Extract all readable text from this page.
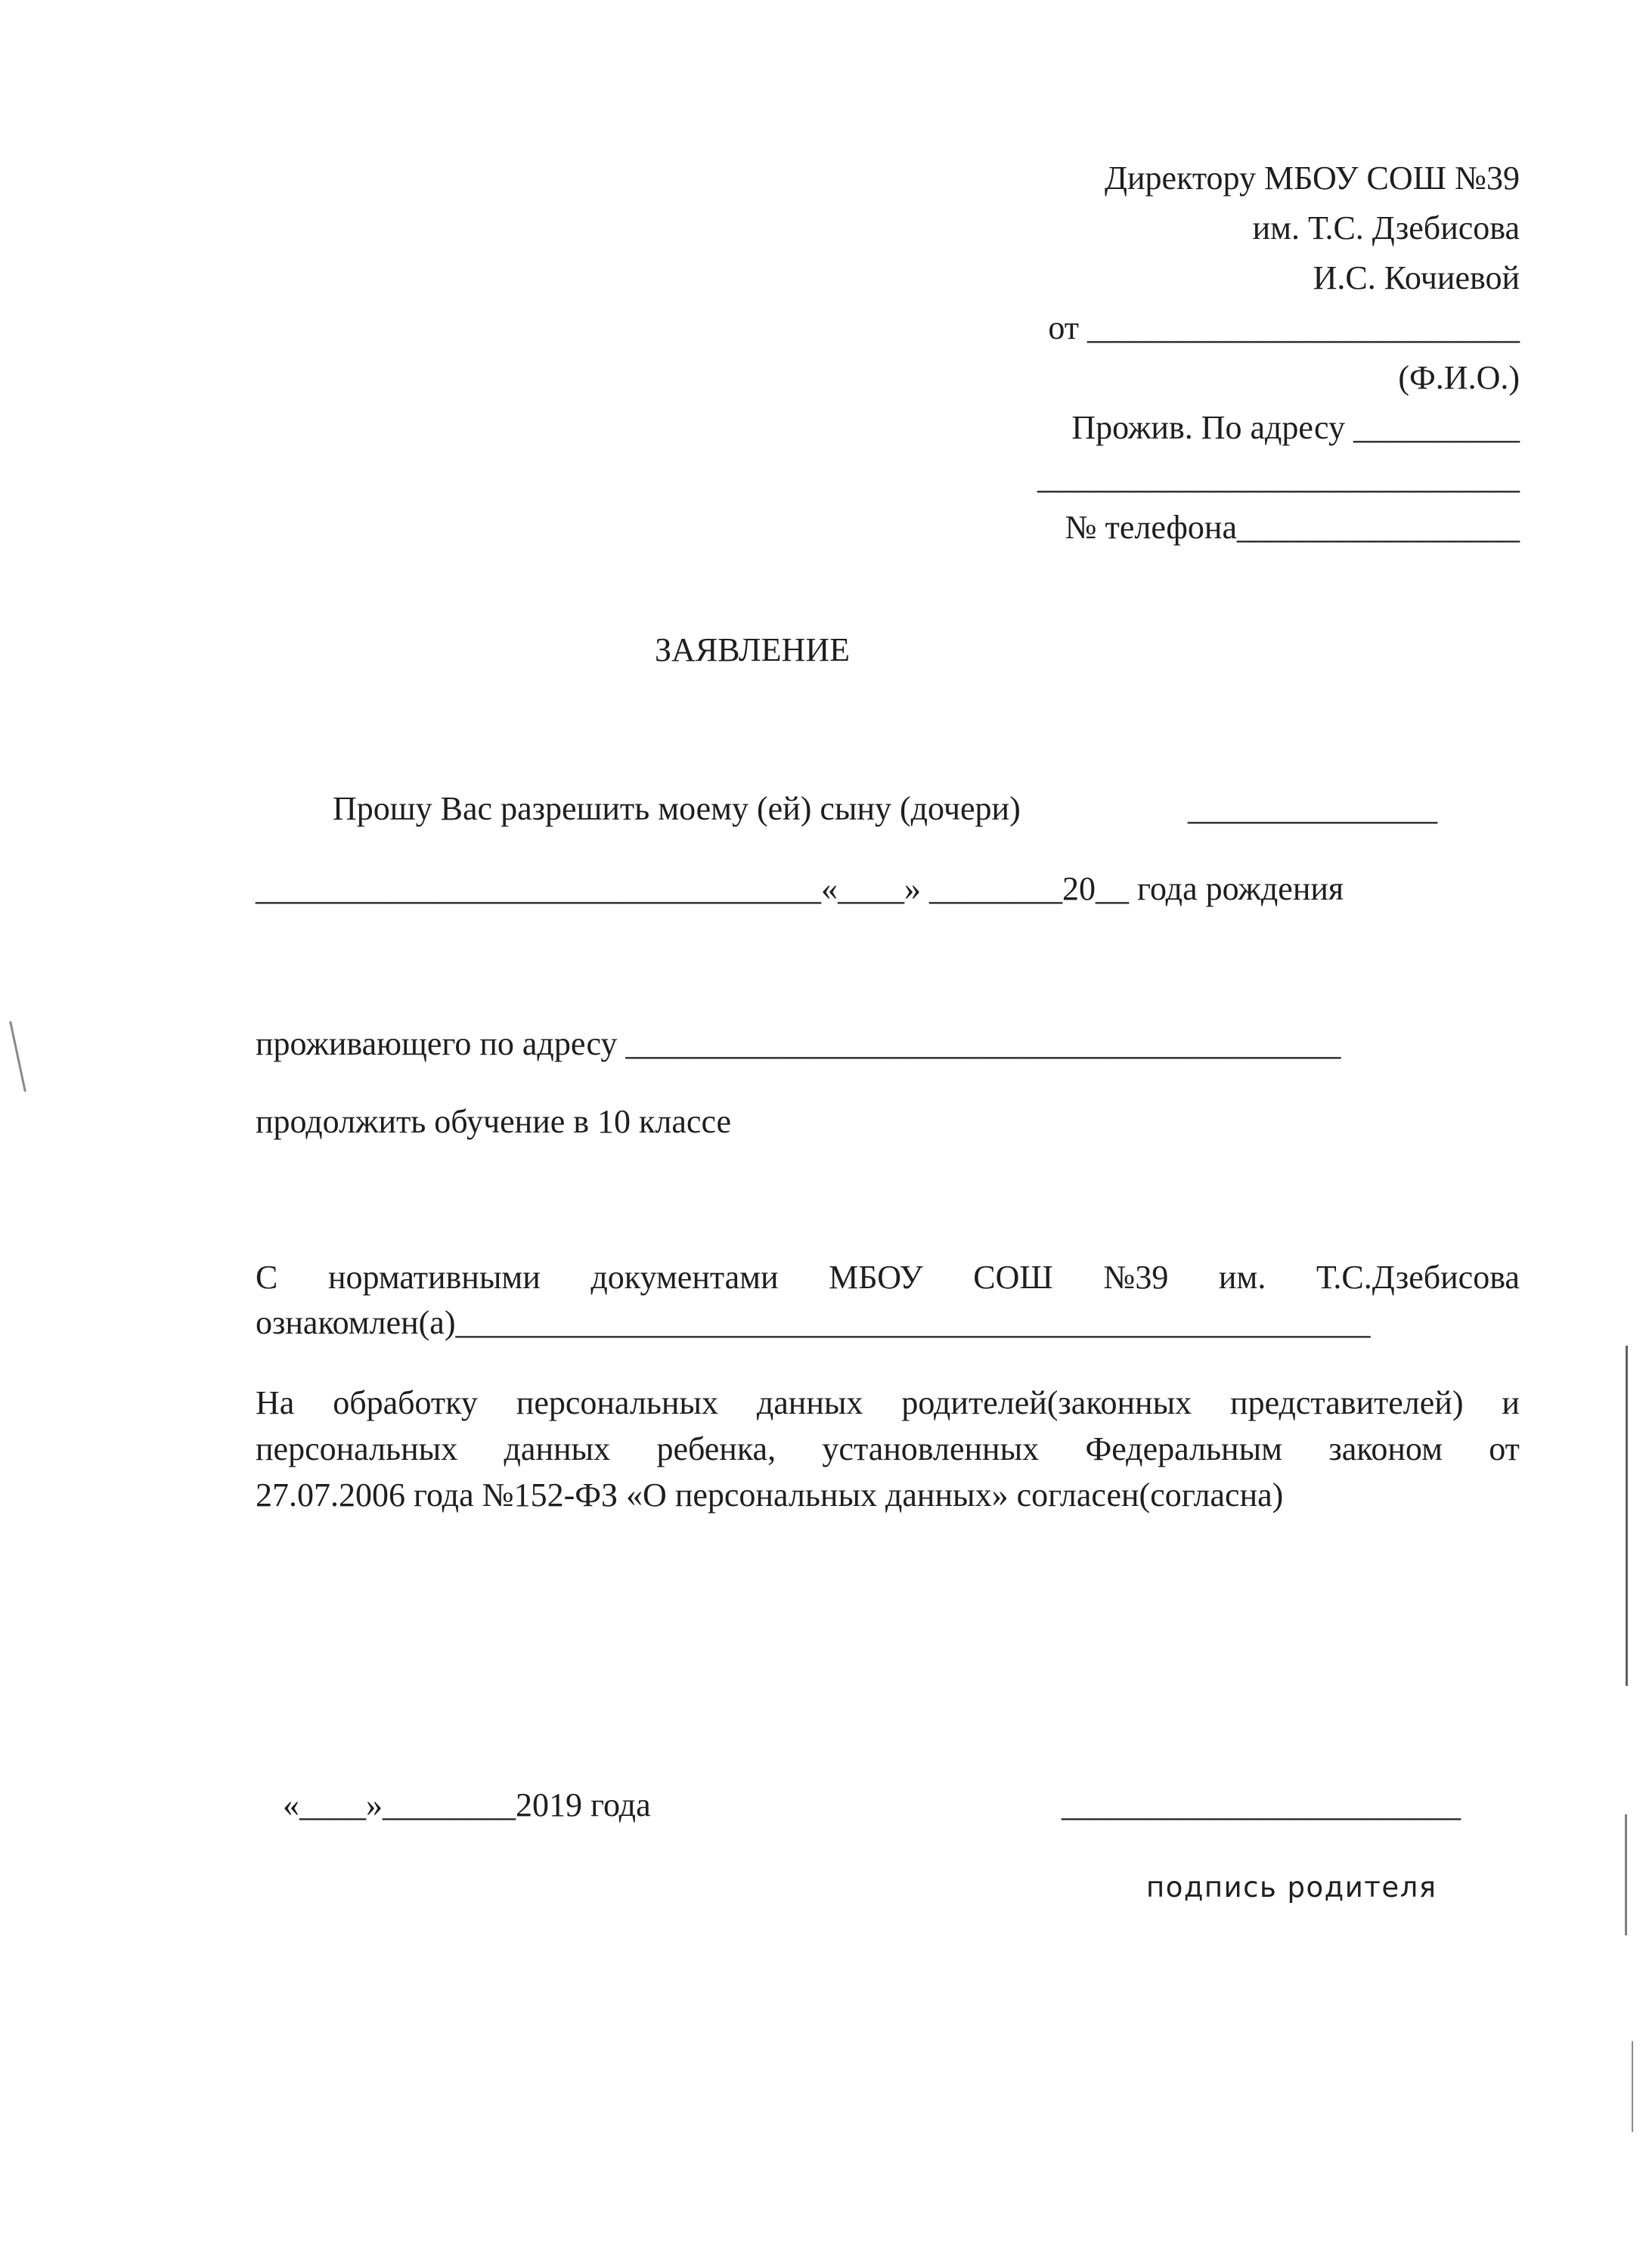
Директору МБОУ СОШ №39
им. Т.С. Дзебисова
И.С. Кочиевой
от __________________________
(Ф.И.О.)
Прожив. По адресу __________
_____________________________
№ телефона_________________
ЗАЯВЛЕНИЕ
Прошу Вас разрешить моему (ей) сыну (дочери)	_______________
__________________________________«____» ________20__ года рождения
проживающего по адресу ___________________________________________
продолжить обучение в 10 классе
С нормативными документами МБОУ СОШ №39 им. Т.С.Дзебисова
ознакомлен(а)_______________________________________________________
На обработку персональных данных родителей(законных представителей) и
персональных данных ребенка, установленных Федеральным законом от
27.07.2006 года №152-ФЗ «О персональных данных» согласен(согласна)
«____»________2019 года	________________________
подпись родителя
